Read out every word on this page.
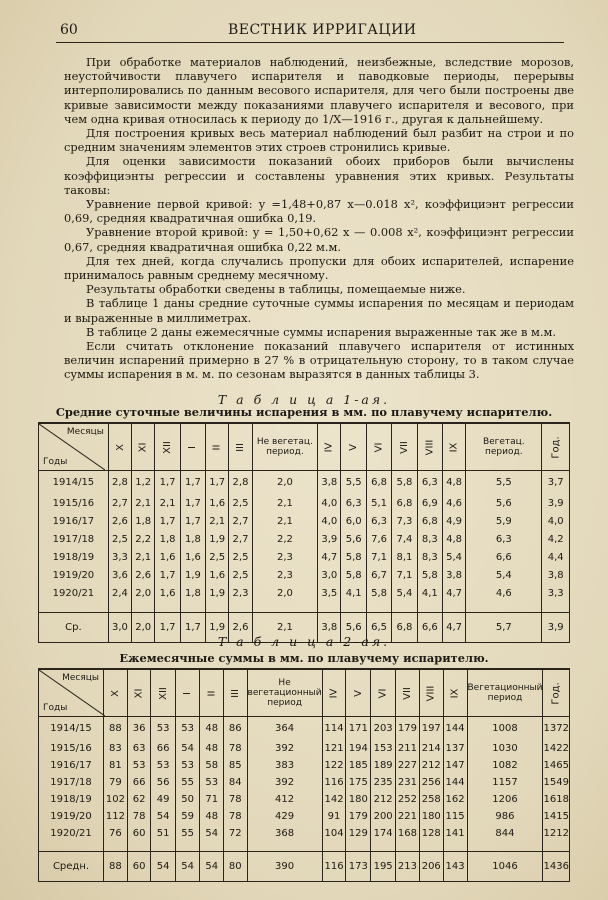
60	ВЕСТНИК ИРРИГАЦИИ

При обработке материалов наблюдений, неизбежные, вследствие морозов, неустойчивости плавучего испарителя и паводковые периоды, перерывы интерполировались по данным весового испарителя, для чего были построены две кривые зависимости между показаниями плавучего испарителя и весового, при чем одна кривая относилась к периоду до 1/X—1916 г., другая к дальнейшему.

Для построения кривых весь материал наблюдений был разбит на строи и по средним значениям элементов этих строев стронились кривые.

Для оценки зависимости показаний обоих приборов были вычислены коэффициэнты регрессии и составлены уравнения этих кривых. Результаты таковы:

Уравнение первой кривой: y =1,48+0,87 x—0.018 x², коэффициэнт регрессии 0,69, средняя квадратичная ошибка 0,19.

Уравнение второй кривой: y = 1,50+0,62 x — 0.008 x², коэффициэнт регрессии 0,67, средняя квадратичная ошибка 0,22 м.м.

Для тех дней, когда случались пропуски для обоих испарителей, испарение принималось равным среднему месячному.

Результаты обработки сведены в таблицы, помещаемые ниже.

В таблице 1 даны средние суточные суммы испарения по месяцам и периодам и выраженные в миллиметрах.

В таблице 2 даны ежемесячные суммы испарения выраженные так же в м.м.

Если считать отклонение показаний плавучего испарителя от истинных величин испарений примерно в 27 % в отрицательную сторону, то в таком случае суммы испарения в м. м. по сезонам выразятся в данных таблицы 3.

Т а б л и ц а 1-ая.
Средние суточные величины испарения в мм. по плавучему испарителю.
Месяцы
Годы	X	XI	XII	I	II	III	Не вегетац. период.	IV	V	VI	VII	VIII	IX	Вегетац. период.	Год.
1914/15	2,8	1,2	1,7	1,7	1,7	2,8	2,0	3,8	5,5	6,8	5,8	6,3	4,8	5,5	3,7
1915/16	2,7	2,1	2,1	1,7	1,6	2,5	2,1	4,0	6,3	5,1	6,8	6,9	4,6	5,6	3,9
1916/17	2,6	1,8	1,7	1,7	2,1	2,7	2,1	4,0	6,0	6,3	7,3	6,8	4,9	5,9	4,0
1917/18	2,5	2,2	1,8	1,8	1,9	2,7	2,2	3,9	5,6	7,6	7,4	8,3	4,8	6,3	4,2
1918/19	3,3	2,1	1,6	1,6	2,5	2,5	2,3	4,7	5,8	7,1	8,1	8,3	5,4	6,6	4,4
1919/20	3,6	2,6	1,7	1,9	1,6	2,5	2,3	3,0	5,8	6,7	7,1	5,8	3,8	5,4	3,8
1920/21	2,4	2,0	1,6	1,8	1,9	2,3	2,0	3,5	4,1	5,8	5,4	4,1	4,7	4,6	3,3

Ср.	3,0	2,0	1,7	1,7	1,9	2,6	2,1	3,8	5,6	6,5	6,8	6,6	4,7	5,7	3,9
Т а б л и ц а 2-ая.
Ежемесячные суммы в мм. по плавучему испарителю.
Месяцы
Годы	X	XI	XII	I	II	III	Не вегетационный период	IV	V	VI	VII	VIII	IX	Вегетационный период	Год.
1914/15	88	36	53	53	48	86	364	114	171	203	179	197	144	1008	1372
1915/16	83	63	66	54	48	78	392	121	194	153	211	214	137	1030	1422
1916/17	81	53	53	53	58	85	383	122	185	189	227	212	147	1082	1465
1917/18	79	66	56	55	53	84	392	116	175	235	231	256	144	1157	1549
1918/19	102	62	49	50	71	78	412	142	180	212	252	258	162	1206	1618
1919/20	112	78	54	59	48	78	429	91	179	200	221	180	115	986	1415
1920/21	76	60	51	55	54	72	368	104	129	174	168	128	141	844	1212

Средн.	88	60	54	54	54	80	390	116	173	195	213	206	143	1046	1436
